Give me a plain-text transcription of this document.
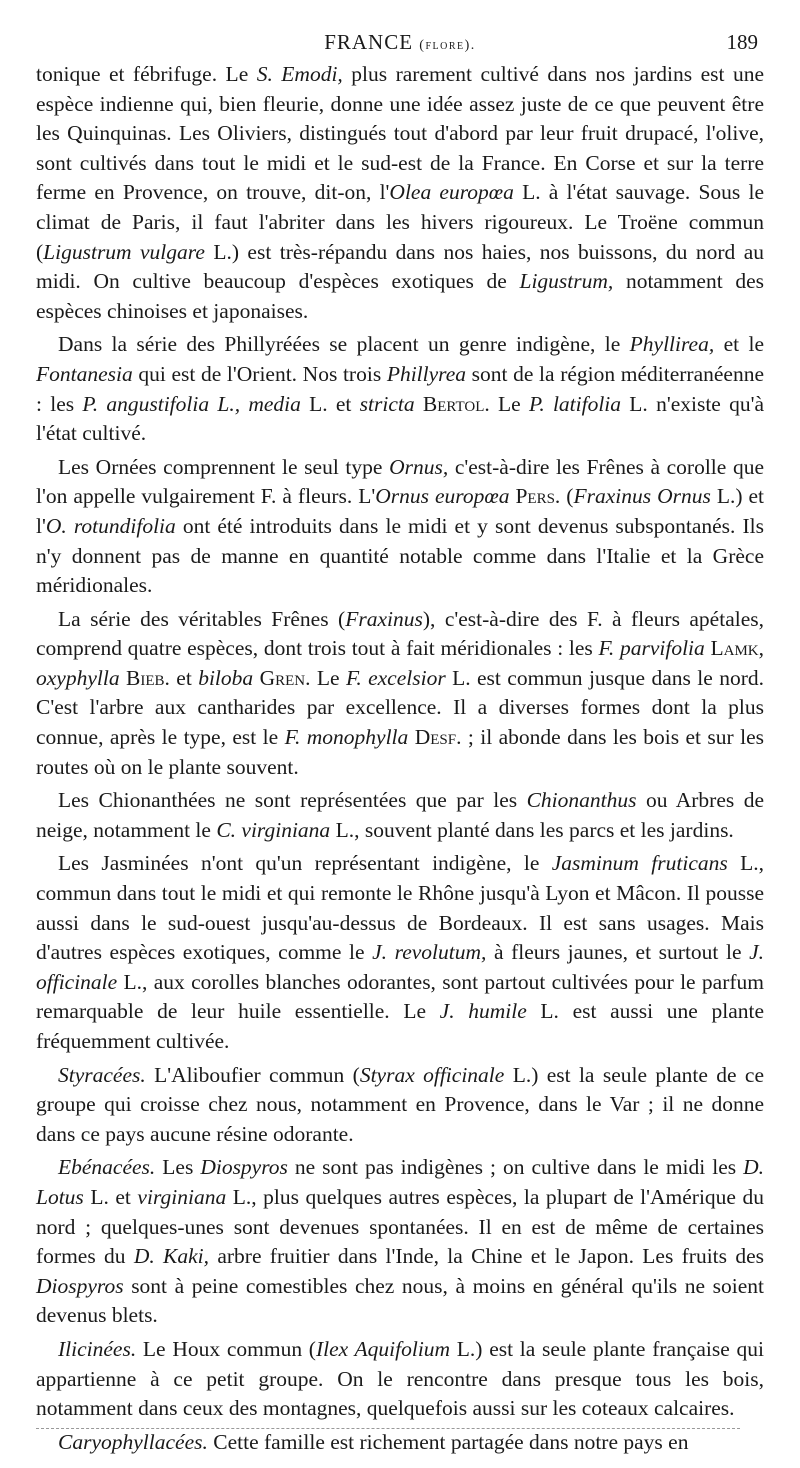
FRANCE (flore).	189

tonique et fébrifuge. Le S. Emodi, plus rarement cultivé dans nos jardins est une espèce indienne qui, bien fleurie, donne une idée assez juste de ce que peuvent être les Quinquinas. Les Oliviers, distingués tout d'abord par leur fruit drupacé, l'olive, sont cultivés dans tout le midi et le sud-est de la France. En Corse et sur la terre ferme en Provence, on trouve, dit-on, l'Olea europœa L. à l'état sauvage. Sous le climat de Paris, il faut l'abriter dans les hivers rigoureux. Le Troëne commun (Ligustrum vulgare L.) est très-répandu dans nos haies, nos buissons, du nord au midi. On cultive beaucoup d'espèces exotiques de Ligustrum, notamment des espèces chinoises et japonaises.

Dans la série des Phillyréées se placent un genre indigène, le Phyllirea, et le Fontanesia qui est de l'Orient. Nos trois Phillyrea sont de la région méditerranéenne : les P. angustifolia L., media L. et stricta Bertol. Le P. latifolia L. n'existe qu'à l'état cultivé.

Les Ornées comprennent le seul type Ornus, c'est-à-dire les Frênes à corolle que l'on appelle vulgairement F. à fleurs. L'Ornus europœa Pers. (Fraxinus Ornus L.) et l'O. rotundifolia ont été introduits dans le midi et y sont devenus subspontanés. Ils n'y donnent pas de manne en quantité notable comme dans l'Italie et la Grèce méridionales.

La série des véritables Frênes (Fraxinus), c'est-à-dire des F. à fleurs apétales, comprend quatre espèces, dont trois tout à fait méridionales : les F. parvifolia Lamk, oxyphylla Bieb. et biloba Gren. Le F. excelsior L. est commun jusque dans le nord. C'est l'arbre aux cantharides par excellence. Il a diverses formes dont la plus connue, après le type, est le F. monophylla Desf. ; il abonde dans les bois et sur les routes où on le plante souvent.

Les Chionanthées ne sont représentées que par les Chionanthus ou Arbres de neige, notamment le C. virginiana L., souvent planté dans les parcs et les jardins.

Les Jasminées n'ont qu'un représentant indigène, le Jasminum fruticans L., commun dans tout le midi et qui remonte le Rhône jusqu'à Lyon et Mâcon. Il pousse aussi dans le sud-ouest jusqu'au-dessus de Bordeaux. Il est sans usages. Mais d'autres espèces exotiques, comme le J. revolutum, à fleurs jaunes, et surtout le J. officinale L., aux corolles blanches odorantes, sont partout cultivées pour le parfum remarquable de leur huile essentielle. Le J. humile L. est aussi une plante fréquemment cultivée.

Styracées. L'Aliboufier commun (Styrax officinale L.) est la seule plante de ce groupe qui croisse chez nous, notamment en Provence, dans le Var ; il ne donne dans ce pays aucune résine odorante.

Ebénacées. Les Diospyros ne sont pas indigènes ; on cultive dans le midi les D. Lotus L. et virginiana L., plus quelques autres espèces, la plupart de l'Amérique du nord ; quelques-unes sont devenues spontanées. Il en est de même de certaines formes du D. Kaki, arbre fruitier dans l'Inde, la Chine et le Japon. Les fruits des Diospyros sont à peine comestibles chez nous, à moins en général qu'ils ne soient devenus blets.

Ilicinées. Le Houx commun (Ilex Aquifolium L.) est la seule plante française qui appartienne à ce petit groupe. On le rencontre dans presque tous les bois, notamment dans ceux des montagnes, quelquefois aussi sur les coteaux calcaires.

Caryophyllacées. Cette famille est richement partagée dans notre pays en
